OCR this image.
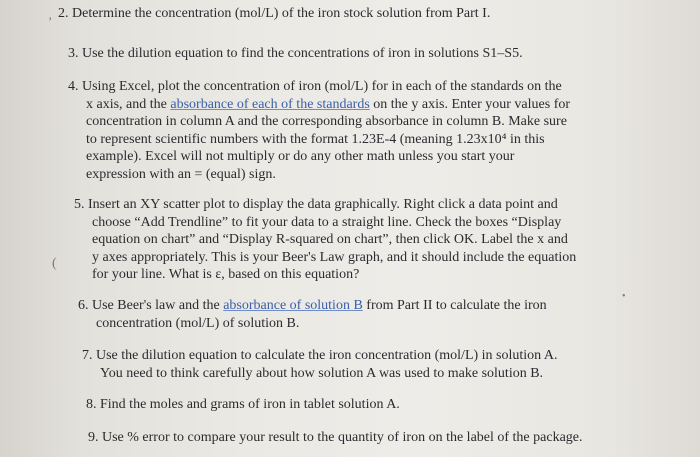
2. Determine the concentration (mol/L) of the iron stock solution from Part I.
3. Use the dilution equation to find the concentrations of iron in solutions S1–S5.
4. Using Excel, plot the concentration of iron (mol/L) for in each of the standards on the
x axis, and the absorbance of each of the standards on the y axis. Enter your values for
concentration in column A and the corresponding absorbance in column B. Make sure
to represent scientific numbers with the format 1.23E-4 (meaning 1.23x10⁴ in this
example). Excel will not multiply or do any other math unless you start your
expression with an = (equal) sign.
5. Insert an XY scatter plot to display the data graphically. Right click a data point and
choose “Add Trendline” to fit your data to a straight line. Check the boxes “Display
equation on chart” and “Display R-squared on chart”, then click OK. Label the x and
y axes appropriately. This is your Beer's Law graph, and it should include the equation
for your line. What is ε, based on this equation?
6. Use Beer's law and the absorbance of solution B from Part II to calculate the iron
concentration (mol/L) of solution B.
7. Use the dilution equation to calculate the iron concentration (mol/L) in solution A.
You need to think carefully about how solution A was used to make solution B.
8. Find the moles and grams of iron in tablet solution A.
9. Use % error to compare your result to the quantity of iron on the label of the package.
‚
(
•
